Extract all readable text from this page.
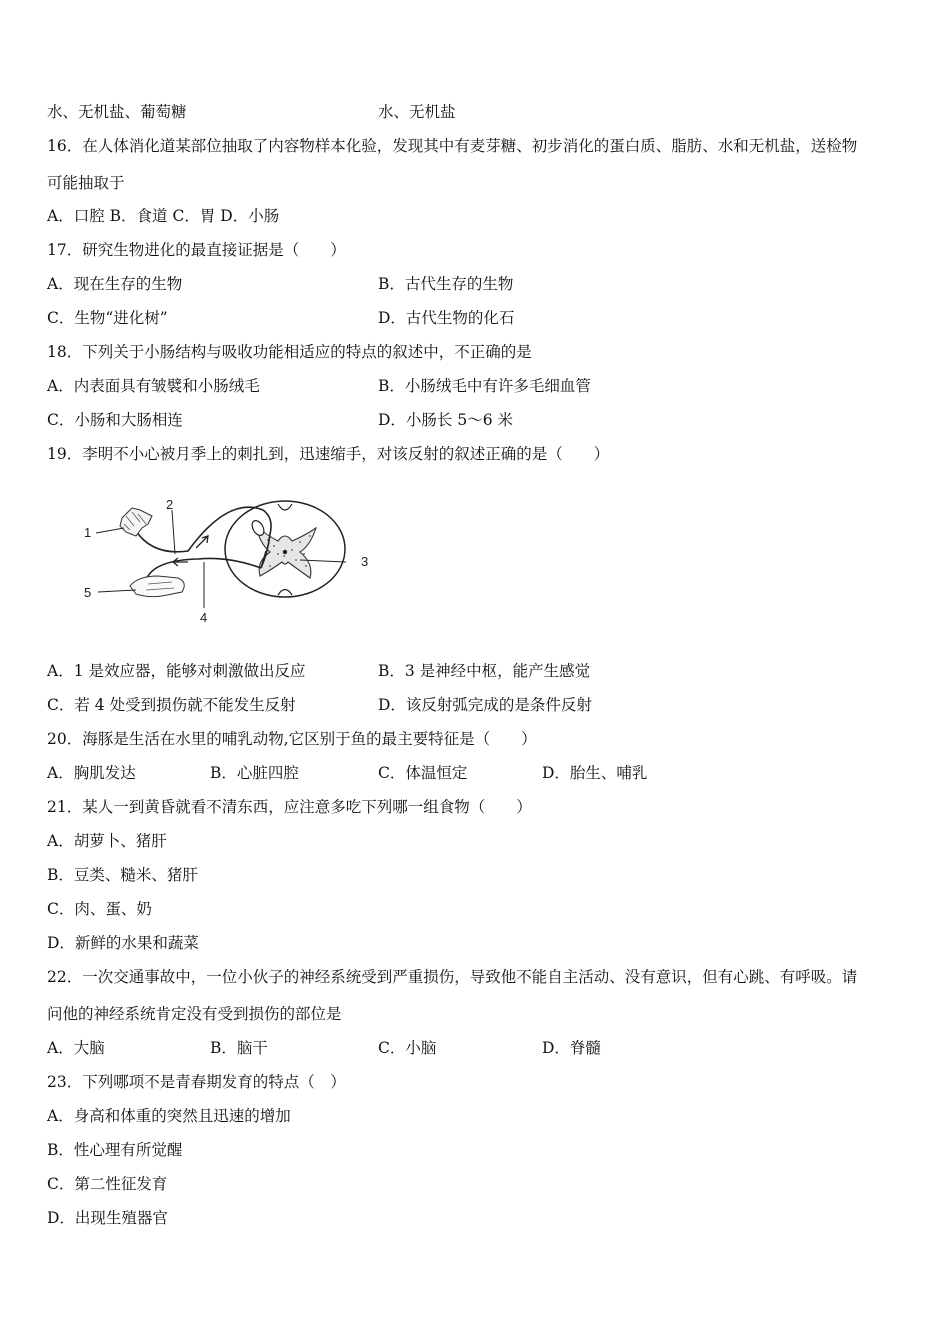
水、无机盐、葡萄糖	水、无机盐
16．在人体消化道某部位抽取了内容物样本化验，发现其中有麦芽糖、初步消化的蛋白质、脂肪、水和无机盐，送检物
可能抽取于
A．口腔 B．食道 C．胃 D．小肠
17．研究生物进化的最直接证据是（　　）
A．现在生存的生物	B．古代生存的生物
C．生物“进化树”	D．古代生物的化石
18．下列关于小肠结构与吸收功能相适应的特点的叙述中，不正确的是
A．内表面具有皱襞和小肠绒毛	B．小肠绒毛中有许多毛细血管
C．小肠和大肠相连	D．小肠长 5～6 米
19．李明不小心被月季上的刺扎到，迅速缩手，对该反射的叙述正确的是（　　）
1
2
3
4
5
A．1 是效应器，能够对刺激做出反应	B．3 是神经中枢，能产生感觉
C．若 4 处受到损伤就不能发生反射	D．该反射弧完成的是条件反射
20．海豚是生活在水里的哺乳动物,它区别于鱼的最主要特征是（　　）
A．胸肌发达	B．心脏四腔	C．体温恒定	D．胎生、哺乳
21．某人一到黄昏就看不清东西，应注意多吃下列哪一组食物（　　）
A．胡萝卜、猪肝
B．豆类、糙米、猪肝
C．肉、蛋、奶
D．新鲜的水果和蔬菜
22．一次交通事故中，一位小伙子的神经系统受到严重损伤，导致他不能自主活动、没有意识，但有心跳、有呼吸。请
问他的神经系统肯定没有受到损伤的部位是
A．大脑	B．脑干	C．小脑	D．脊髓
23．下列哪项不是青春期发育的特点（　）
A．身高和体重的突然且迅速的增加
B．性心理有所觉醒
C．第二性征发育
D．出现生殖器官
